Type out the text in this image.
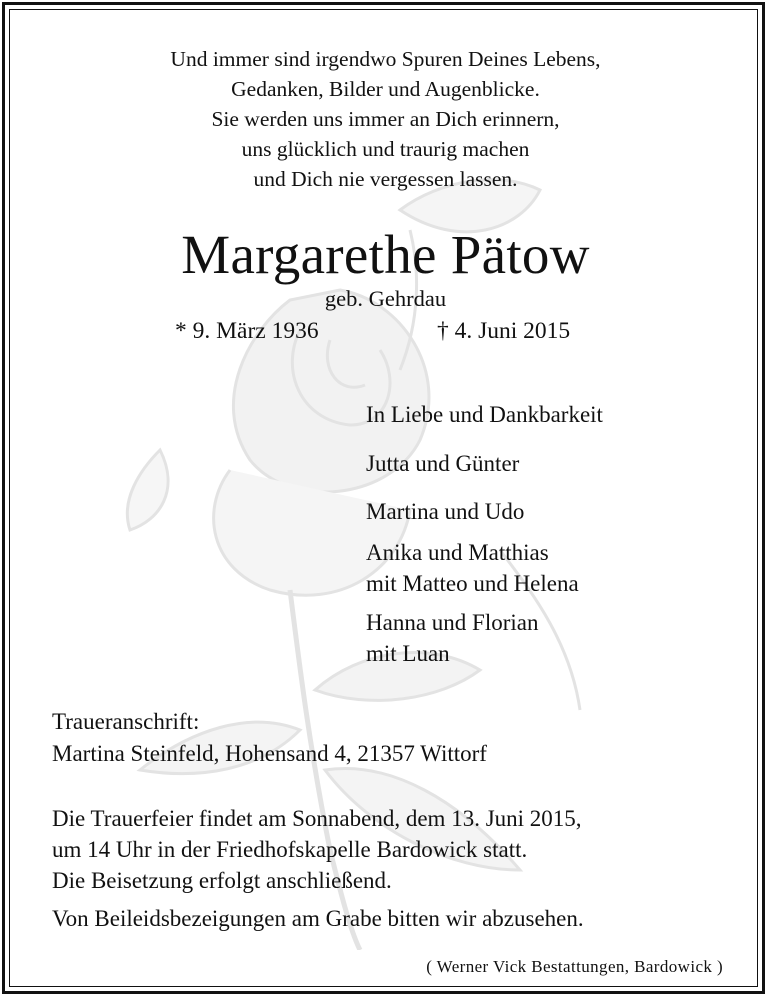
Und immer sind irgendwo Spuren Deines Lebens,
Gedanken, Bilder und Augenblicke.
Sie werden uns immer an Dich erinnern,
uns glücklich und traurig machen
und Dich nie vergessen lassen.
Margarethe Pätow
geb. Gehrdau
* 9. März 1936	† 4. Juni 2015
In Liebe und Dankbarkeit
Jutta und Günter
Martina und Udo
Anika und Matthias
mit Matteo und Helena
Hanna und Florian
mit Luan
Traueranschrift:
Martina Steinfeld, Hohensand 4, 21357 Wittorf
Die Trauerfeier findet am Sonnabend, dem 13. Juni 2015,
um 14 Uhr in der Friedhofskapelle Bardowick statt.
Die Beisetzung erfolgt anschließend.
Von Beileidsbezeigungen am Grabe bitten wir abzusehen.
( Werner Vick Bestattungen, Bardowick )
